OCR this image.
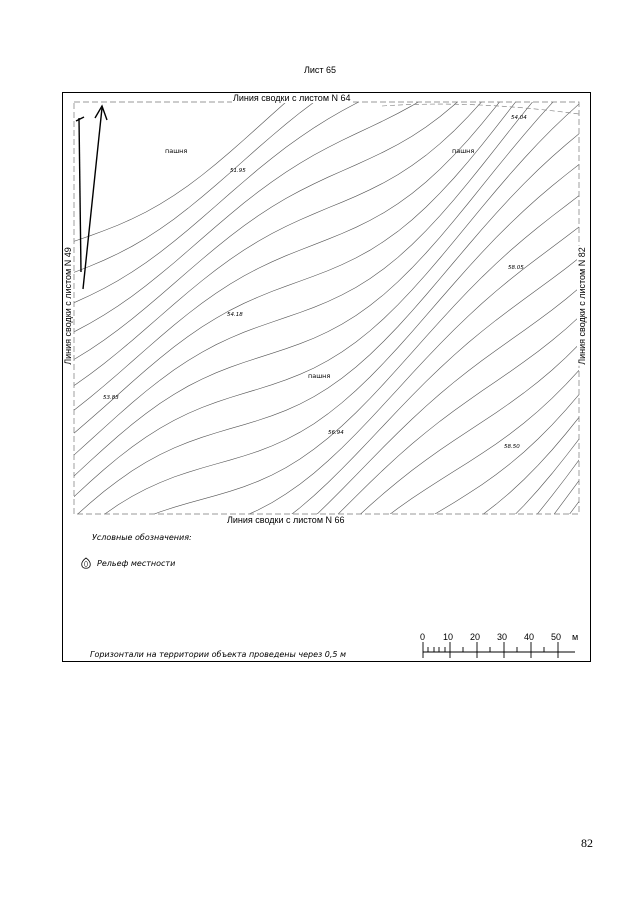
Лист 65
Линия сводки с листом N 64
Линия сводки с листом N 66
Линия сводки с листом N 49	Линия сводки с листом N 82
54.04
51.95
58.05
54.18
53.83
56.94
58.50
пашня	пашня
пашня
Условные обозначения:
Рельеф местности
Горизонтали на территории объекта проведены через 0,5 м
0 10 20 30 40 50 м
82
